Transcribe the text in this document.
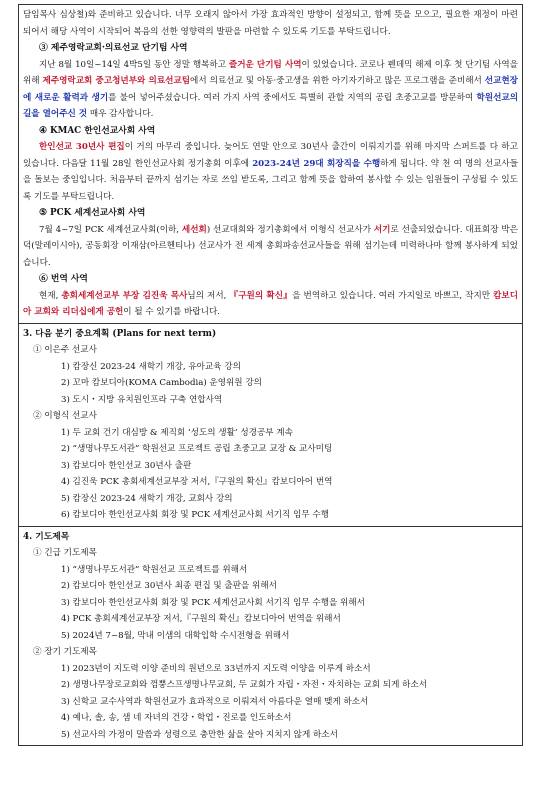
담임목사 심상철)와 준비하고 있습니다. 너무 오래지 않아서 가장 효과적인 방향이 설정되고, 함께 뜻을 모으고, 필요한 재정이 마련되어서 해당 사역이 시작되어 복음의 선한 영향력의 발판을 마련할 수 있도록 기도를 부탁드립니다.

③ 제주영락교회·의료선교 단기팀 사역

지난 8월 10일~14일 4박5일 동안 정말 행복하고 즐거운 단기팀 사역이 있었습니다. 코로나 펜데믹 해제 이후 첫 단기팀 사역을 위해 제주영락교회 중고청년부와 의료선교팀에서 의료선교 및 아동·중고생을 위한 아기자기하고 많은 프로그램을 준비해서 선교현장에 새로운 활력과 생기를 불어 넣어주셨습니다. 여러 가지 사역 중에서도 특별히 관할 지역의 공립 초중고교를 방문하여 학원선교의 길을 열어주신 것 매우 감사합니다.

④ KMAC 한인선교사회 사역

한인선교 30년사 편집이 거의 마무리 중입니다. 늦어도 연말 안으로 30년사 출간이 이뤄지기를 위해 마지막 스퍼트를 다 하고 있습니다. 다음달 11월 28일 한인선교사회 정기총회 이후에 2023-24년 29대 회장직을 수행하게 됩니다. 약 천 여 명의 선교사들을 돌보는 중임입니다. 처음부터 끝까지 섬기는 자로 쓰임 받도록, 그리고 함께 뜻을 합하여 봉사할 수 있는 임원들이 구성될 수 있도록 기도를 부탁드립니다.

⑤ PCK 세계선교사회 사역

7월 4~7일 PCK 세계선교사회(이하, 세선회) 선교대회와 정기총회에서 이형식 선교사가 서기로 선출되었습니다. 대표회장 박은덕(말레이시아), 공동회장 이재삼(아르헨티나) 선교사가 전 세계 총회파송선교사들을 위해 섬기는데 미력하나마 함께 봉사하게 되었습니다.

⑥ 번역 사역

현재, 총회세계선교부 부장 김진욱 목사님의 저서, 『구원의 확신』을 번역하고 있습니다. 여러 가지일로 바쁘고, 작지만 캄보디아 교회와 리더십에게 공헌이 될 수 있기를 바랍니다.

3. 다음 분기 중요계획 (Plans for next term)

① 이은주 선교사

1) 캄장신 2023-24 새학기 개강, 유아교육 강의

2) 꼬마 캄보디아(KOMA Cambodia) 운영위원 강의

3) 도시・지방 유치원인프라 구축 연합사역

② 이형식 선교사

1) 두 교회 건기 대심방 & 제직회 ‘성도의 생활’ 성경공부 계속

2) “생명나무도서관” 학원선교 프로젝트 공립 초중고교 교장 & 교사미팅

3) 캄보디아 한인선교 30년사 출판

4) 김진욱 PCK 총회세계선교부장 저서,『구원의 확신』캄보디아어 번역

5) 캄장신 2023-24 새학기 개강, 교회사 강의

6) 캄보디아 한인선교사회 회장 및 PCK 세계선교사회 서기직 임무 수행

4. 기도제목

① 긴급 기도제목

1) “생명나무도서관” 학원선교 프로젝트를 위해서

2) 캄보디아 한인선교 30년사 최종 편집 및 출판을 위해서

3) 캄보디아 한인선교사회 회장 및 PCK 세계선교사회 서기직 임무 수행을 위해서

4) PCK 총회세계선교부장 저서,『구원의 확신』캄보디아어 번역을 위해서

5) 2024년 7~8월, 막내 이샘의 대학입학 수시전형을 위해서

② 장기 기도제목

1) 2023년이 지도력 이양 준비의 원년으로 33년까지 지도력 이양을 이루게 하소서

2) 생명나무장로교회와 껌뿡스프생명나무교회, 두 교회가 자립・자전・자치하는 교회 되게 하소서

3) 신학교 교수사역과 학원선교가 효과적으로 이뤄져서 아름다운 열매 맺게 하소서

4) 예나, 솔, 송, 샘 네 자녀의 건강・학업・진로를 인도하소서

5) 선교사의 가정이 말씀과 성령으로 충만한 삶을 살아 지치지 않게 하소서
